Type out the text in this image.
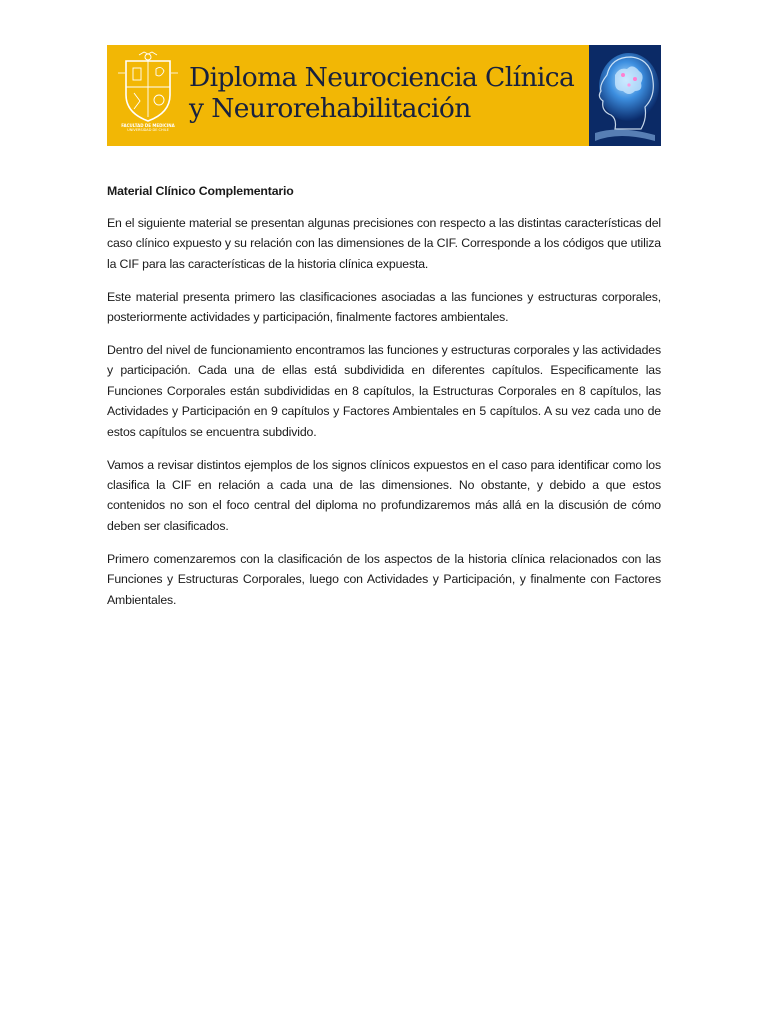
FACULTAD DE MEDICINA
UNIVERSIDAD DE CHILE
Diploma Neurociencia Clínica
y Neurorehabilitación
Material Clínico Complementario

En el siguiente material se presentan algunas precisiones con respecto a las distintas características del caso clínico expuesto y su relación con las dimensiones de la CIF. Corresponde a los códigos que utiliza la CIF para las características de la historia clínica expuesta.

Este material presenta primero las clasificaciones asociadas a las funciones y estructuras corporales, posteriormente actividades y participación, finalmente factores ambientales.

Dentro del nivel de funcionamiento encontramos las funciones y estructuras corporales y las actividades y participación. Cada una de ellas está subdividida en diferentes capítulos. Especificamente las Funciones Corporales están subdivididas en 8 capítulos, la Estructuras Corporales en 8 capítulos, las Actividades y Participación en 9 capítulos y Factores Ambientales en 5 capítulos. A su vez cada uno de estos capítulos se encuentra subdivido.

Vamos a revisar distintos ejemplos de los signos clínicos expuestos en el caso para identificar como los clasifica la CIF en relación a cada una de las dimensiones. No obstante, y debido a que estos contenidos no son el foco central del diploma no profundizaremos más allá en la discusión de cómo deben ser clasificados.

Primero comenzaremos con la clasificación de los aspectos de la historia clínica relacionados con las Funciones y Estructuras Corporales, luego con Actividades y Participación, y finalmente con Factores Ambientales.
